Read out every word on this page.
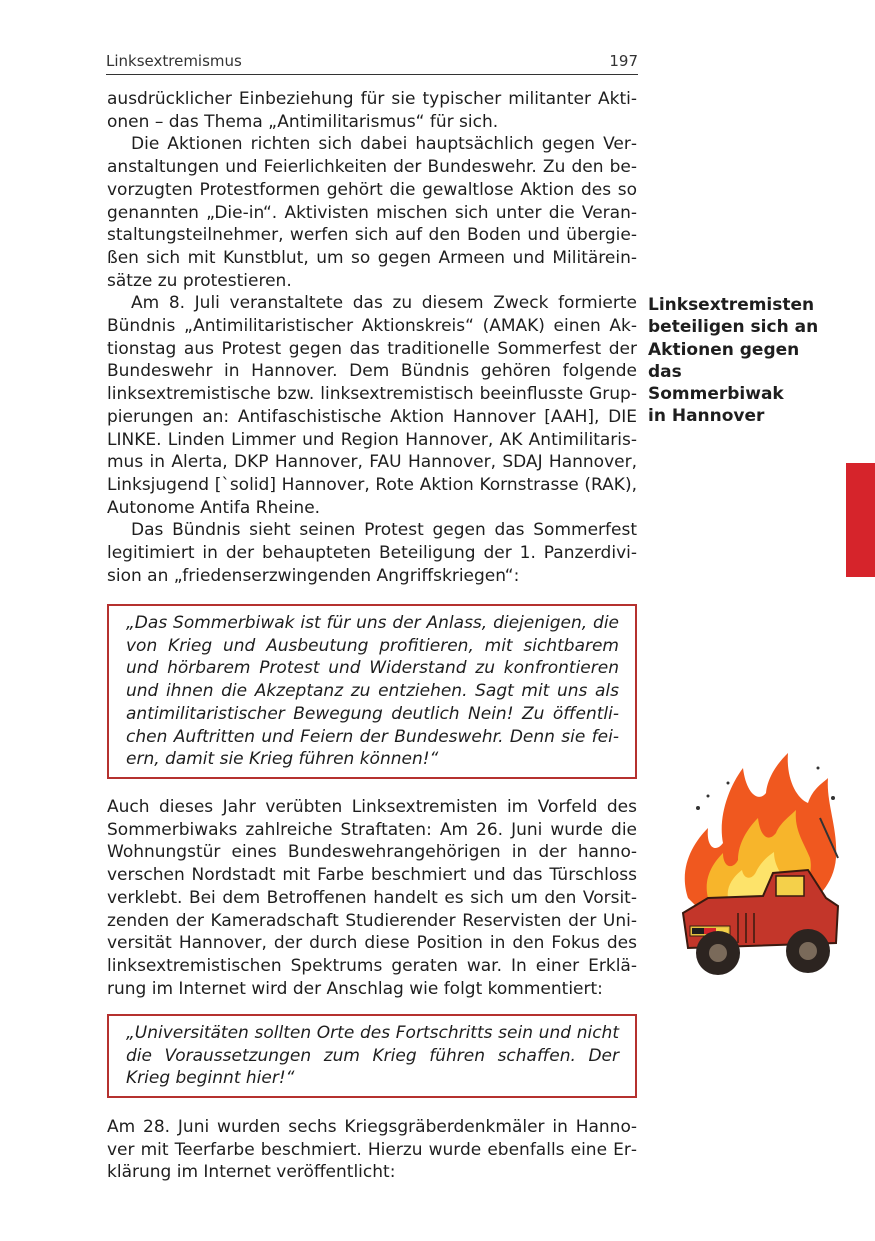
Linksextremismus	197

ausdrücklicher Einbeziehung für sie typischer militanter Aktionen – das Thema „Antimilitarismus“ für sich.

Die Aktionen richten sich dabei hauptsächlich gegen Veranstaltungen und Feierlichkeiten der Bundeswehr. Zu den bevorzugten Protestformen gehört die gewaltlose Aktion des so genannten „Die-in“. Aktivisten mischen sich unter die Veranstaltungsteilnehmer, werfen sich auf den Boden und übergießen sich mit Kunstblut, um so gegen Armeen und Militäreinsätze zu protestieren.

Am 8. Juli veranstaltete das zu diesem Zweck formierte Bündnis „Antimilitaristischer Aktionskreis“ (AMAK) einen Aktionstag aus Protest gegen das traditionelle Sommerfest der Bundeswehr in Hannover. Dem Bündnis gehören folgende linksextremistische bzw. linksextremistisch beeinflusste Gruppierungen an: Antifaschistische Aktion Hannover [AAH], DIE LINKE. Linden Limmer und Region Hannover, AK Antimilitarismus in Alerta, DKP Hannover, FAU Hannover, SDAJ Hannover, Linksjugend [`solid] Hannover, Rote Aktion Kornstrasse (RAK), Autonome Antifa Rheine.

Das Bündnis sieht seinen Protest gegen das Sommerfest legitimiert in der behaupteten Beteiligung der 1. Panzerdivision an „friedenserzwingenden Angriffskriegen“:

Linksextremisten
beteiligen sich an
Aktionen gegen
das Sommerbiwak
in Hannover

„Das Sommerbiwak ist für uns der Anlass, diejenigen, die von Krieg und Ausbeutung profitieren, mit sichtbarem und hörbarem Protest und Widerstand zu konfrontieren und ihnen die Akzeptanz zu entziehen. Sagt mit uns als antimilitaristischer Bewegung deutlich Nein! Zu öffentlichen Auftritten und Feiern der Bundeswehr. Denn sie feiern, damit sie Krieg führen können!“

Auch dieses Jahr verübten Linksextremisten im Vorfeld des Sommerbiwaks zahlreiche Straftaten: Am 26. Juni wurde die Wohnungstür eines Bundeswehrangehörigen in der hannoverschen Nordstadt mit Farbe beschmiert und das Türschloss verklebt. Bei dem Betroffenen handelt es sich um den Vorsitzenden der Kameradschaft Studierender Reservisten der Universität Hannover, der durch diese Position in den Fokus des linksextremistischen Spektrums geraten war. In einer Erklärung im Internet wird der Anschlag wie folgt kommentiert:

„Universitäten sollten Orte des Fortschritts sein und nicht die Voraussetzungen zum Krieg führen schaffen. Der Krieg beginnt hier!“

Am 28. Juni wurden sechs Kriegsgräberdenkmäler in Hannover mit Teerfarbe beschmiert. Hierzu wurde ebenfalls eine Erklärung im Internet veröffentlicht:
